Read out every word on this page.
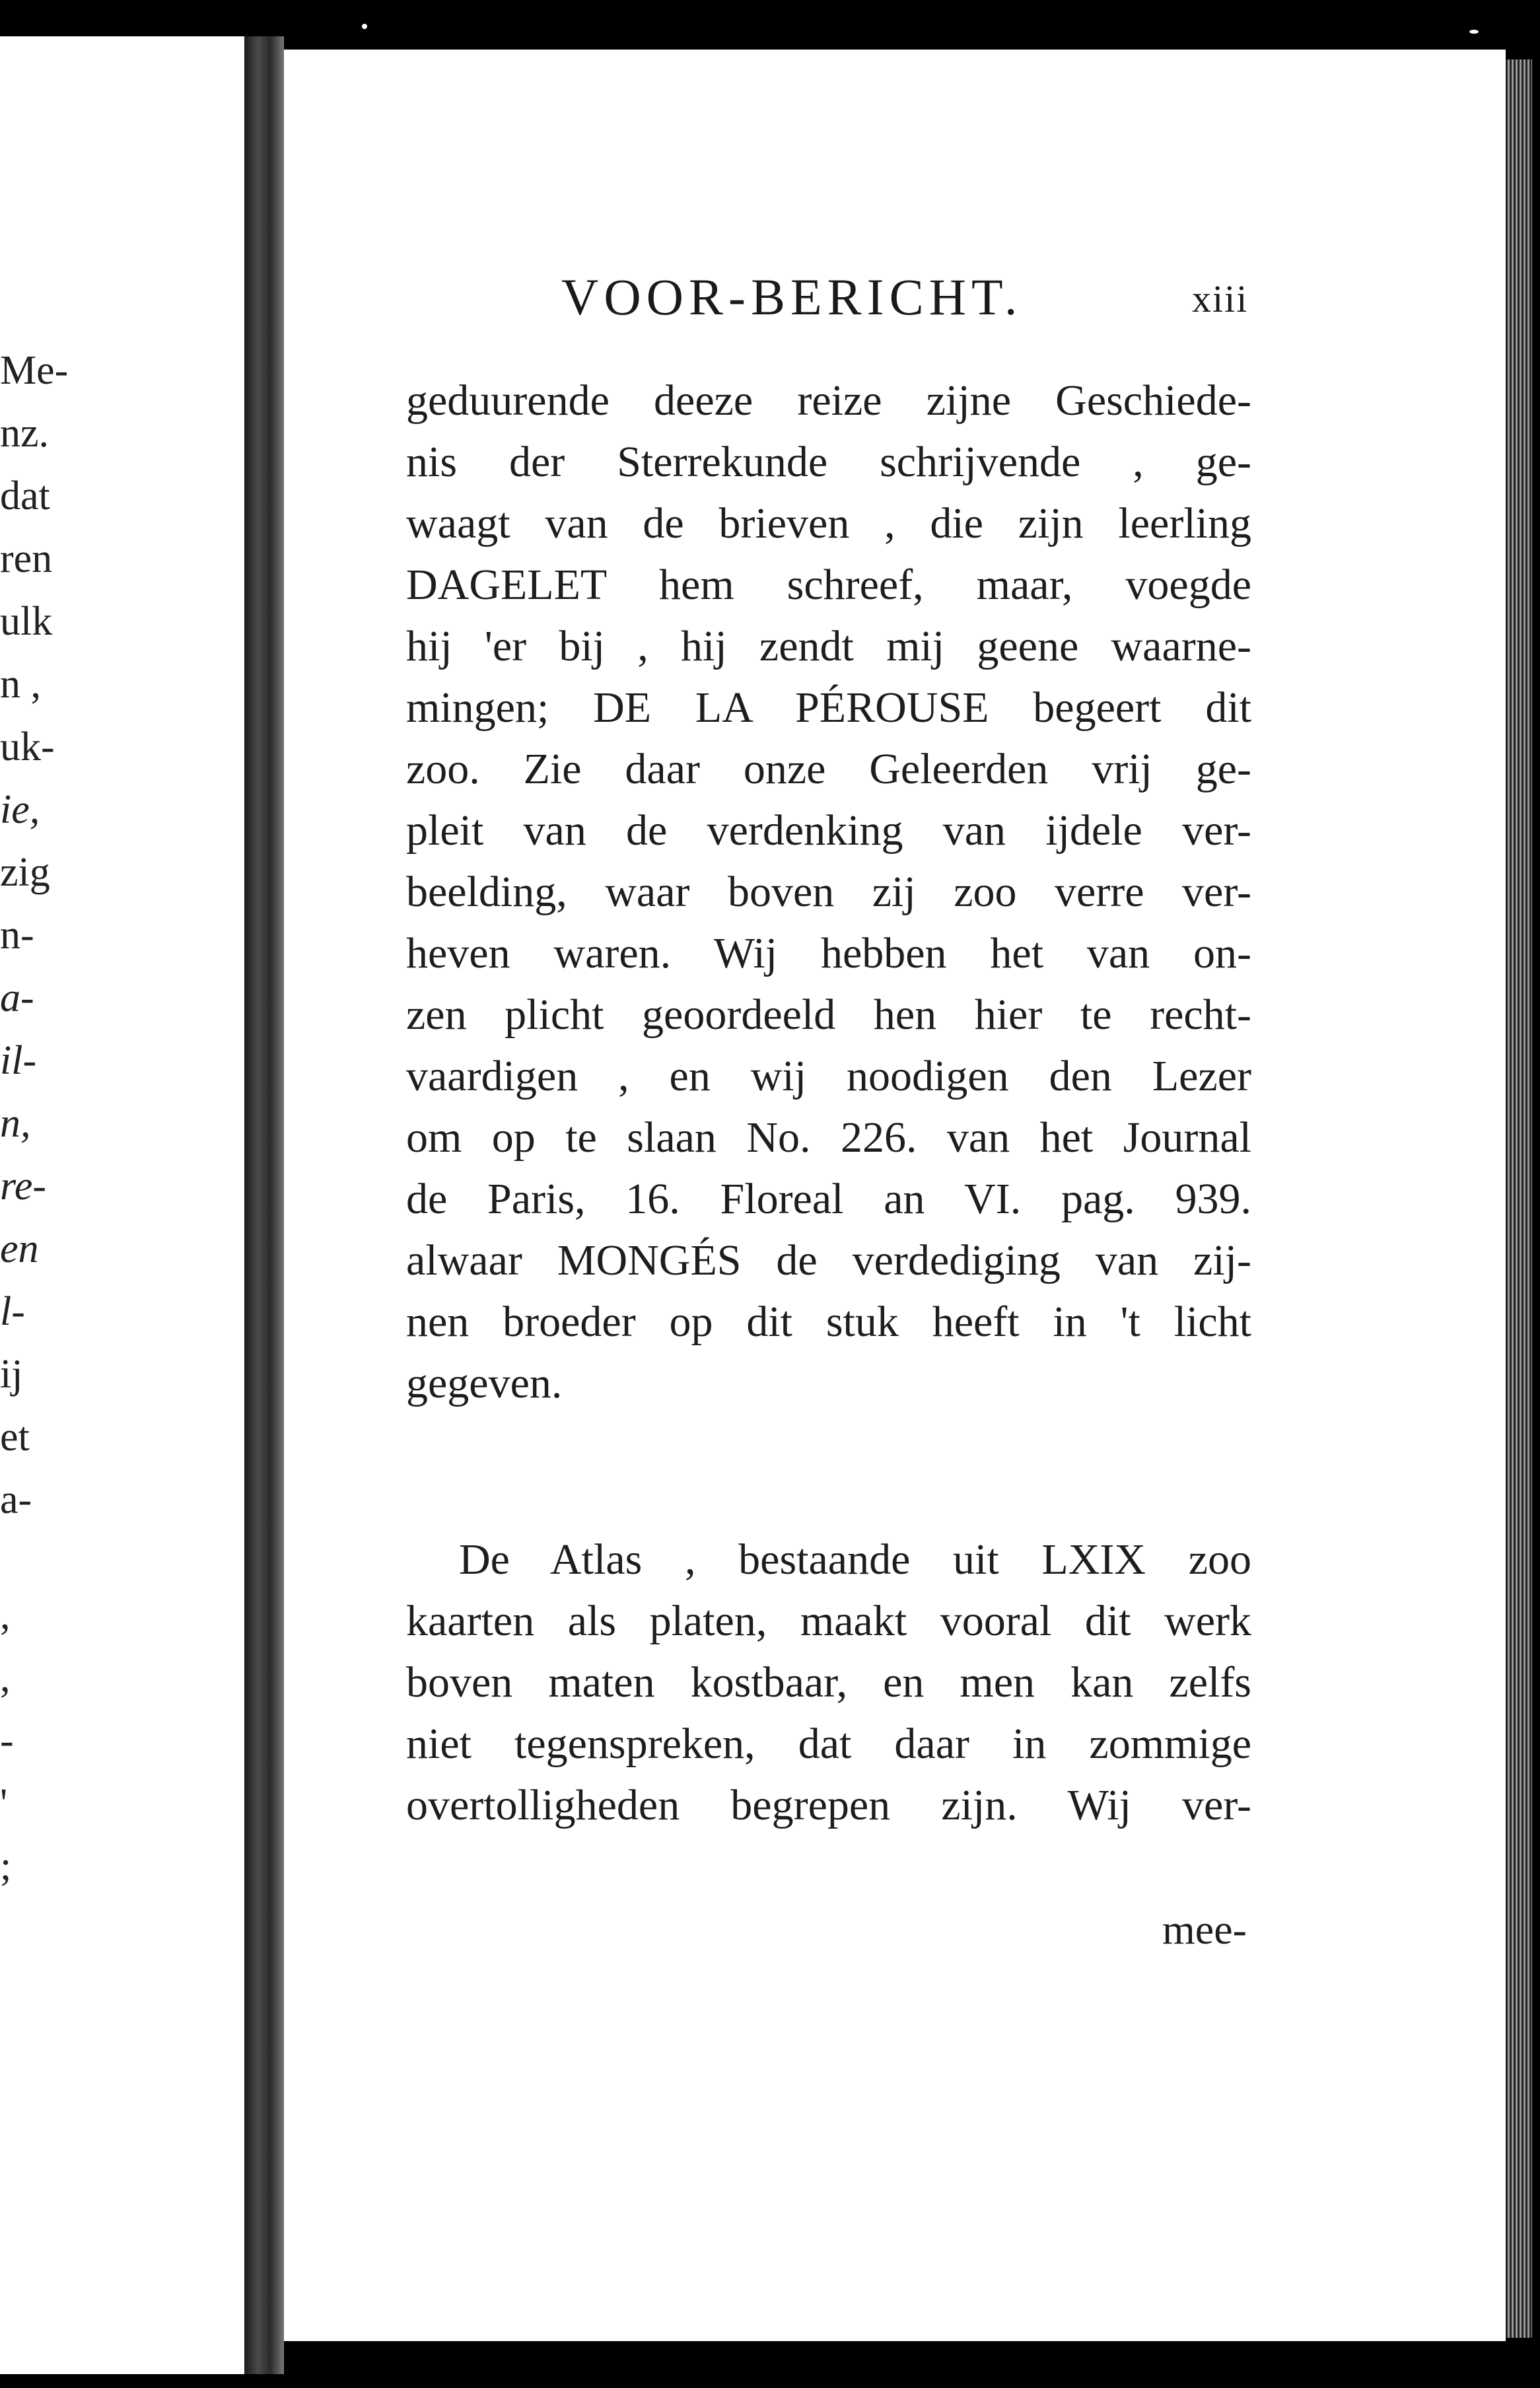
Me-
nz.
dat
ren
ulk
n ,
uk-
ie,
zig
n-
a-
il-
n,
re-
en
l-
ij
et
a-
,
,
-
'
;
VOOR-BERICHT.	xiii
geduurende deeze reize zijne Geschiede-
nis der Sterrekunde schrijvende , ge-
waagt van de brieven , die zijn leerling
DAGELET hem schreef, maar, voegde
hij 'er bij , hij zendt mij geene waarne-
mingen; DE LA PÉROUSE begeert dit
zoo. Zie daar onze Geleerden vrij ge-
pleit van de verdenking van ijdele ver-
beelding, waar boven zij zoo verre ver-
heven waren. Wij hebben het van on-
zen plicht geoordeeld hen hier te recht-
vaardigen , en wij noodigen den Lezer
om op te slaan No. 226. van het Journal
de Paris, 16. Floreal an VI. pag. 939.
alwaar MONGÉS de verdediging van zij-
nen broeder op dit stuk heeft in 't licht
gegeven.
De Atlas , bestaande uit LXIX zoo
kaarten als platen, maakt vooral dit werk
boven maten kostbaar, en men kan zelfs
niet tegenspreken, dat daar in zommige
overtolligheden begrepen zijn. Wij ver-
mee-
